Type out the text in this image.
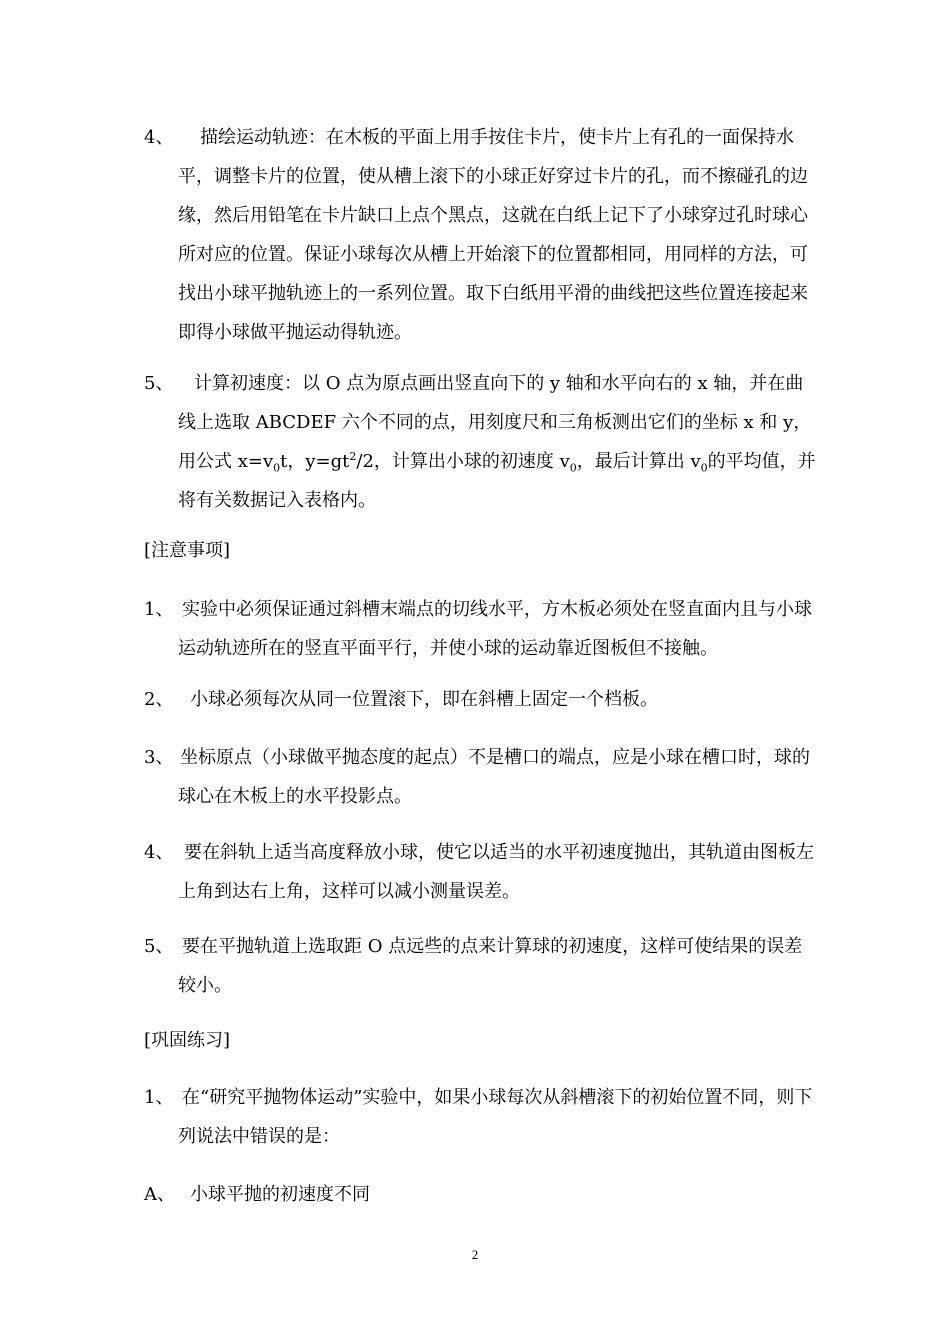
4、	描绘运动轨迹：在木板的平面上用手按住卡片，使卡片上有孔的一面保持水平，调整卡片的位置，使从槽上滚下的小球正好穿过卡片的孔，而不擦碰孔的边缘，然后用铅笔在卡片缺口上点个黑点，这就在白纸上记下了小球穿过孔时球心所对应的位置。保证小球每次从槽上开始滚下的位置都相同，用同样的方法，可找出小球平抛轨迹上的一系列位置。取下白纸用平滑的曲线把这些位置连接起来即得小球做平抛运动得轨迹。
5、	计算初速度：以 O 点为原点画出竖直向下的 y 轴和水平向右的 x 轴，并在曲线上选取 ABCDEF 六个不同的点，用刻度尺和三角板测出它们的坐标 x 和 y，用公式 $x=v_0t$，$y=gt^2/2$，计算出小球的初速度 $v_0$，最后计算出 $v_0$的平均值，并将有关数据记入表格内。
[注意事项]
1、 实验中必须保证通过斜槽末端点的切线水平，方木板必须处在竖直面内且与小球运动轨迹所在的竖直平面平行，并使小球的运动靠近图板但不接触。
2、 小球必须每次从同一位置滚下，即在斜槽上固定一个档板。
3、 坐标原点（小球做平抛态度的起点）不是槽口的端点，应是小球在槽口时，球的球心在木板上的水平投影点。
4、 要在斜轨上适当高度释放小球，使它以适当的水平初速度抛出，其轨道由图板左上角到达右上角，这样可以减小测量误差。
5、 要在平抛轨道上选取距 O 点远些的点来计算球的初速度，这样可使结果的误差较小。
[巩固练习]
1、 在“研究平抛物体运动”实验中，如果小球每次从斜槽滚下的初始位置不同，则下列说法中错误的是：
A、 小球平抛的初速度不同
2
